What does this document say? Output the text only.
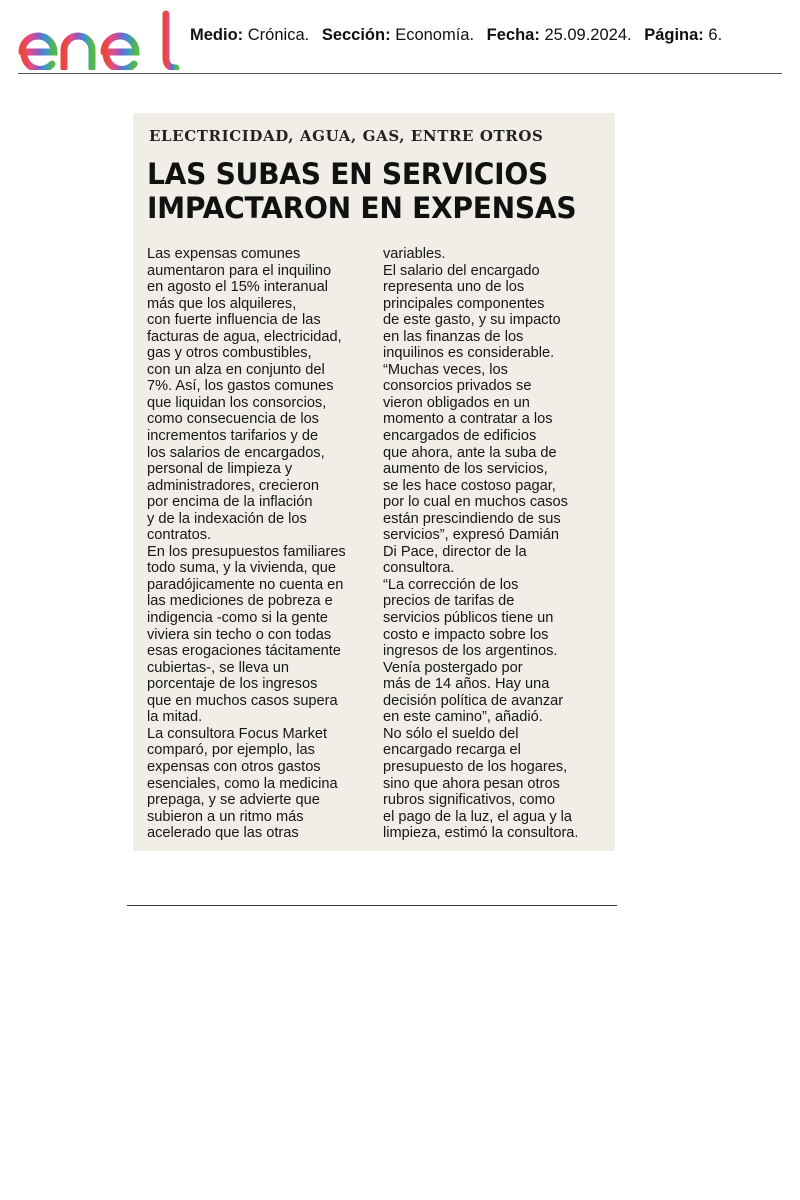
Medio: Crónica. Sección: Economía. Fecha: 25.09.2024. Página: 6.
ELECTRICIDAD, AGUA, GAS, ENTRE OTROS
LAS SUBAS EN SERVICIOS
IMPACTARON EN EXPENSAS
Las expensas comunes
aumentaron para el inquilino
en agosto el 15% interanual
más que los alquileres,
con fuerte influencia de las
facturas de agua, electricidad,
gas y otros combustibles,
con un alza en conjunto del
7%. Así, los gastos comunes
que liquidan los consorcios,
como consecuencia de los
incrementos tarifarios y de
los salarios de encargados,
personal de limpieza y
administradores, crecieron
por encima de la inflación
y de la indexación de los
contratos.
En los presupuestos familiares
todo suma, y la vivienda, que
paradójicamente no cuenta en
las mediciones de pobreza e
indigencia -como si la gente
viviera sin techo o con todas
esas erogaciones tácitamente
cubiertas-, se lleva un
porcentaje de los ingresos
que en muchos casos supera
la mitad.
La consultora Focus Market
comparó, por ejemplo, las
expensas con otros gastos
esenciales, como la medicina
prepaga, y se advierte que
subieron a un ritmo más
acelerado que las otras
variables.
El salario del encargado
representa uno de los
principales componentes
de este gasto, y su impacto
en las finanzas de los
inquilinos es considerable.
“Muchas veces, los
consorcios privados se
vieron obligados en un
momento a contratar a los
encargados de edificios
que ahora, ante la suba de
aumento de los servicios,
se les hace costoso pagar,
por lo cual en muchos casos
están prescindiendo de sus
servicios”, expresó Damián
Di Pace, director de la
consultora.
“La corrección de los
precios de tarifas de
servicios públicos tiene un
costo e impacto sobre los
ingresos de los argentinos.
Venía postergado por
más de 14 años. Hay una
decisión política de avanzar
en este camino”, añadió.
No sólo el sueldo del
encargado recarga el
presupuesto de los hogares,
sino que ahora pesan otros
rubros significativos, como
el pago de la luz, el agua y la
limpieza, estimó la consultora.
